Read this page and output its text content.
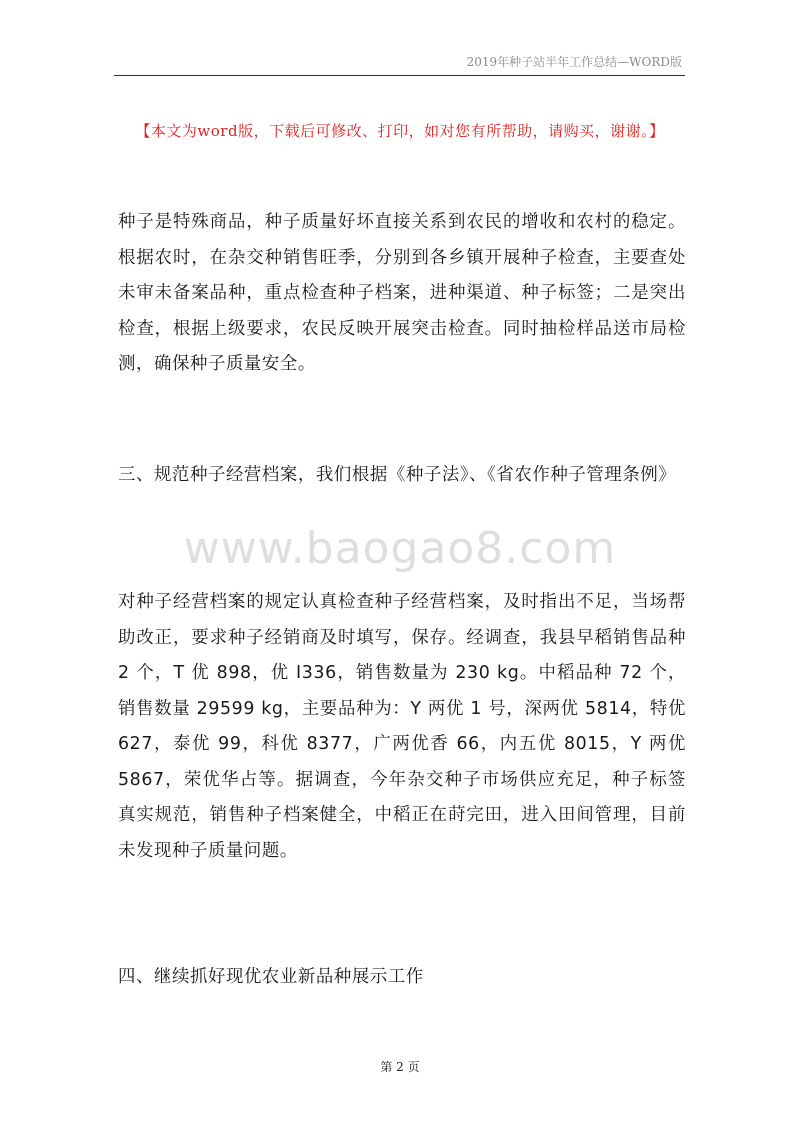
2019年种子站半年工作总结—WORD版
【本文为word版，下载后可修改、打印，如对您有所帮助，请购买，谢谢。】

种子是特殊商品，种子质量好坏直接关系到农民的增收和农村的稳定。根据农时，在杂交种销售旺季，分别到各乡镇开展种子检查，主要查处未审未备案品种，重点检查种子档案，进种渠道、种子标签；二是突出检查，根据上级要求，农民反映开展突击检查。同时抽检样品送市局检测，确保种子质量安全。

三、规范种子经营档案，我们根据《种子法》、《省农作种子管理条例》

www.baogao8.com

对种子经营档案的规定认真检查种子经营档案，及时指出不足，当场帮助改正，要求种子经销商及时填写，保存。经调查，我县早稻销售品种 2 个，T 优 898，优 I336，销售数量为 230 kg。中稻品种 72 个，销售数量 29599 kg，主要品种为：Y 两优 1 号，深两优 5814，特优 627，泰优 99，科优 8377，广两优香 66，内五优 8015，Y 两优 5867，荣优华占等。据调查，今年杂交种子市场供应充足，种子标签真实规范，销售种子档案健全，中稻正在莳完田，进入田间管理，目前未发现种子质量问题。

四、继续抓好现优农业新品种展示工作

第 2 页
